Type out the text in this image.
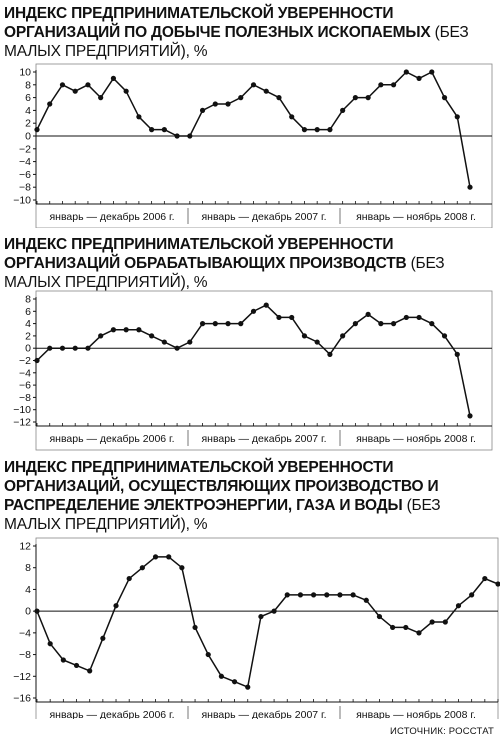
ИНДЕКС ПРЕДПРИНИМАТЕЛЬСКОЙ УВЕРЕННОСТИ ОРГАНИЗАЦИЙ ПО ДОБЫЧЕ ПОЛЕЗНЫХ ИСКОПАЕМЫХ (БЕЗ МАЛЫХ ПРЕДПРИЯТИЙ), %
−10
−8
−6
−4
−2
0
2
4
6
8
10
январь — декабрь 2006 г.	январь — декабрь 2007 г.	январь — ноябрь 2008 г.
ИНДЕКС ПРЕДПРИНИМАТЕЛЬСКОЙ УВЕРЕННОСТИ ОРГАНИЗАЦИЙ ОБРАБАТЫВАЮЩИХ ПРОИЗВОДСТВ (БЕЗ МАЛЫХ ПРЕДПРИЯТИЙ), %
−12
−10
−8
−6
−4
−2
0
2
4
6
8
январь — декабрь 2006 г.	январь — декабрь 2007 г.	январь — ноябрь 2008 г.
ИНДЕКС ПРЕДПРИНИМАТЕЛЬСКОЙ УВЕРЕННОСТИ ОРГАНИЗАЦИЙ, ОСУЩЕСТВЛЯЮЩИХ ПРОИЗВОДСТВО И РАСПРЕДЕЛЕНИЕ ЭЛЕКТРОЭНЕРГИИ, ГАЗА И ВОДЫ (БЕЗ МАЛЫХ ПРЕДПРИЯТИЙ), %
−16
−12
−8
−4
0
4
8
12
январь — декабрь 2006 г.	январь — декабрь 2007 г.	январь — ноябрь 2008 г.
ИСТОЧНИК: РОССТАТ
